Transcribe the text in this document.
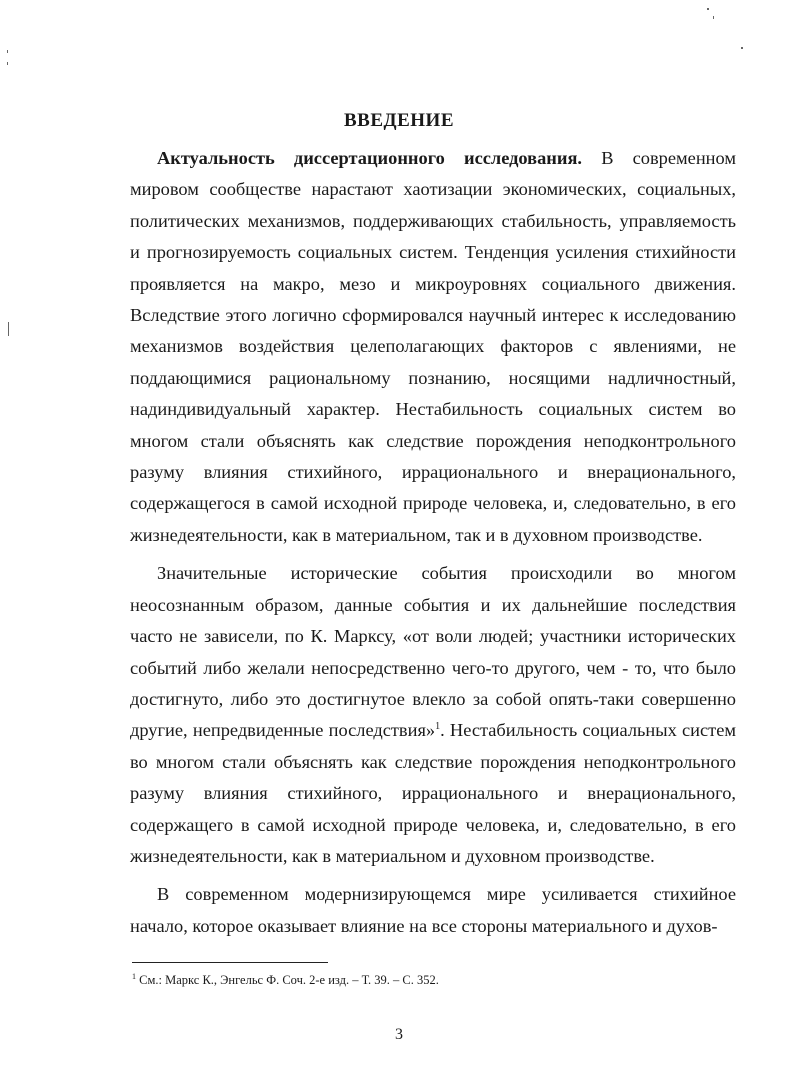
ВВЕДЕНИЕ

Актуальность диссертационного исследования. В современном мировом сообществе нарастают хаотизации экономических, социальных, политических механизмов, поддерживающих стабильность, управляемость и прогнозируемость социальных систем. Тенденция усиления стихийности проявляется на макро, мезо и микроуровнях социального движения. Вследствие этого логично сформировался научный интерес к исследованию механизмов воздействия целеполагающих факторов с явлениями, не поддающимися рациональному познанию, носящими надличностный, надиндивидуальный характер. Нестабильность социальных систем во многом стали объяснять как следствие порождения неподконтрольного разуму влияния стихийного, иррационального и внерационального, содержащегося в самой исходной природе человека, и, следовательно, в его жизнедеятельности, как в материальном, так и в духовном производстве.

Значительные исторические события происходили во многом неосознанным образом, данные события и их дальнейшие последствия часто не зависели, по К. Марксу, «от воли людей; участники исторических событий либо желали непосредственно чего-то другого, чем - то, что было достигнуто, либо это достигнутое влекло за собой опять-таки совершенно другие, непредвиденные последствия»$^1$. Нестабильность социальных систем во многом стали объяснять как следствие порождения неподконтрольного разуму влияния стихийного, иррационального и внерационального, содержащего в самой исходной природе человека, и, следовательно, в его жизнедеятельности, как в материальном и духовном производстве.

В современном модернизирующемся мире усиливается стихийное начало, которое оказывает влияние на все стороны материального и духов-

$^1$ См.: Маркс К., Энгельс Ф. Соч. 2-е изд. – Т. 39. – С. 352.
3
